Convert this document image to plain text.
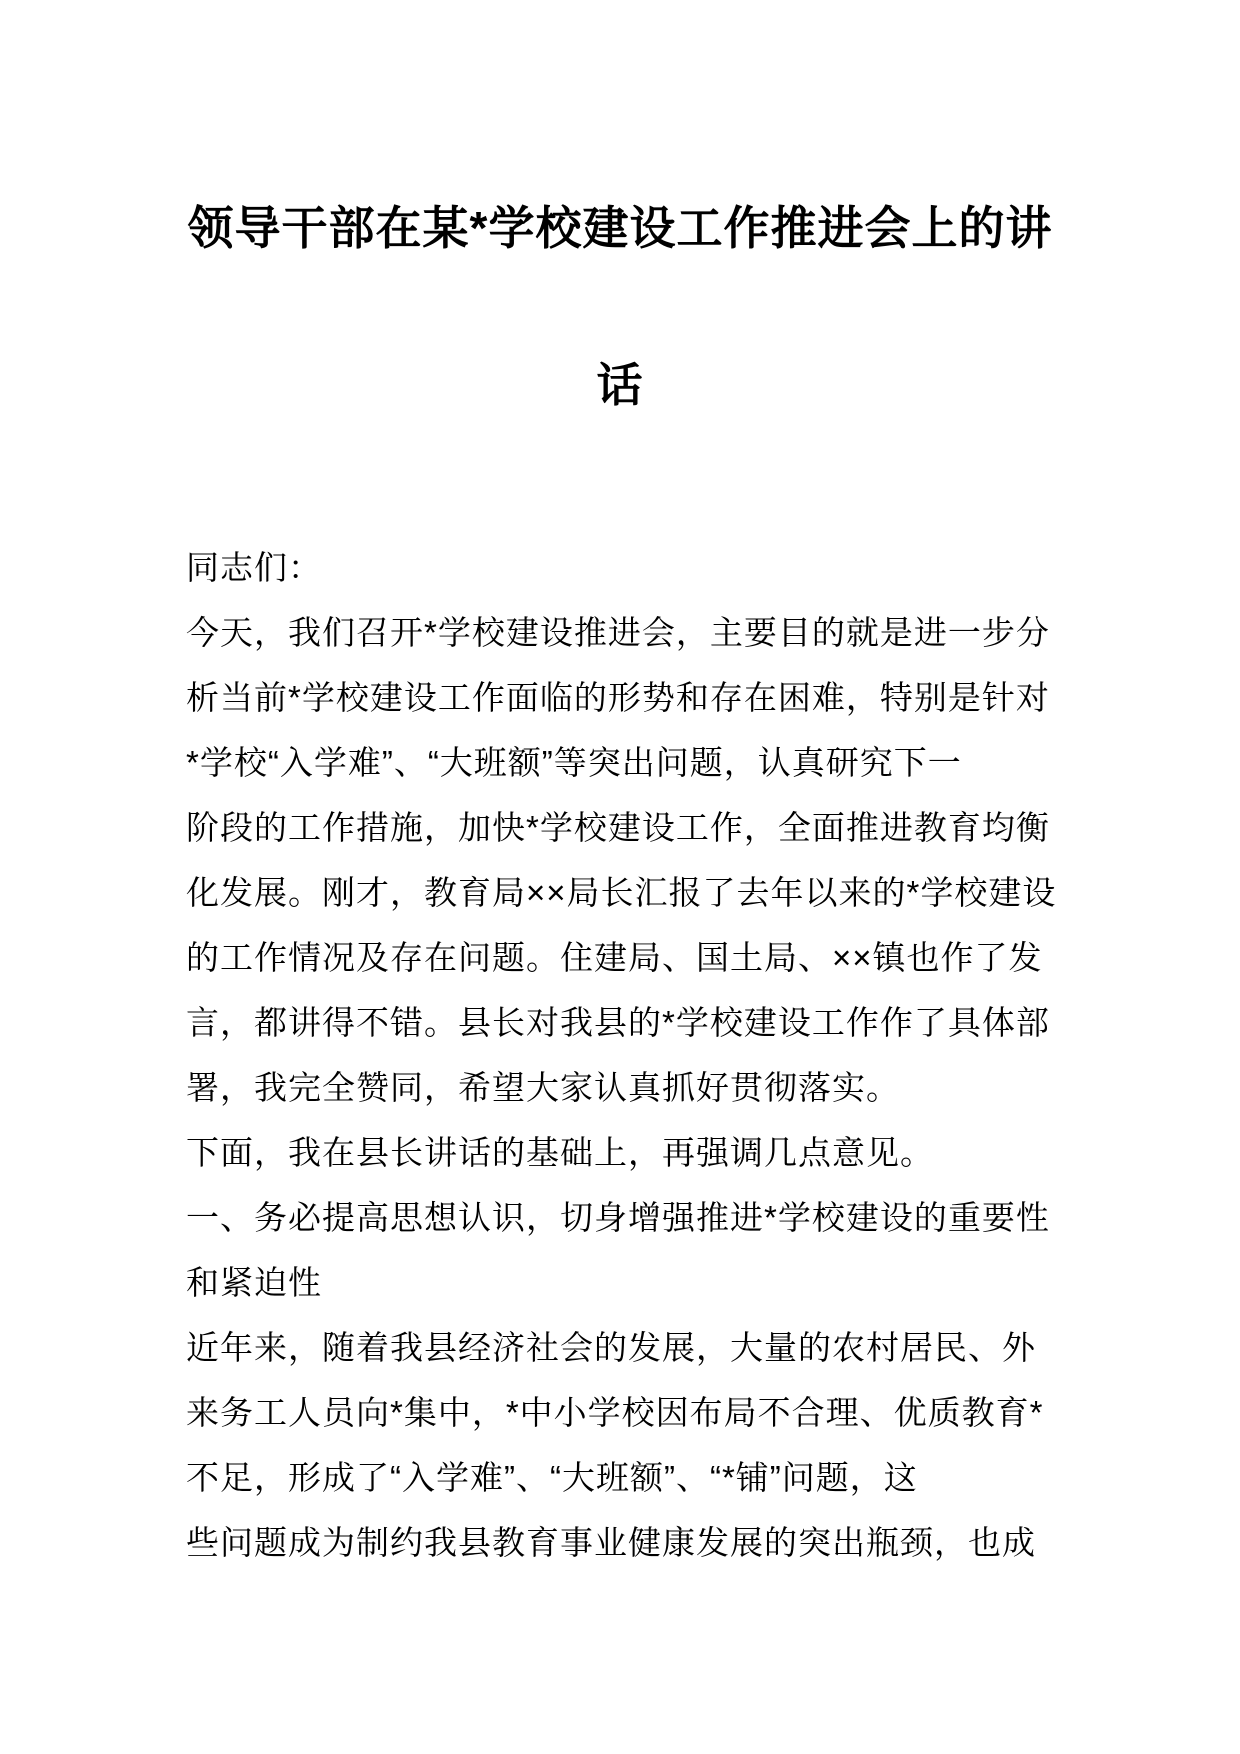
领导干部在某*学校建设工作推进会上的讲
话

同志们：

今天，我们召开*学校建设推进会，主要目的就是进一步分

析当前*学校建设工作面临的形势和存在困难，特别是针对

*学校“入学难”、“大班额”等突出问题，认真研究下一

阶段的工作措施，加快*学校建设工作，全面推进教育均衡

化发展。刚才，教育局××局长汇报了去年以来的*学校建设

的工作情况及存在问题。住建局、国土局、××镇也作了发

言，都讲得不错。县长对我县的*学校建设工作作了具体部

署，我完全赞同，希望大家认真抓好贯彻落实。

下面，我在县长讲话的基础上，再强调几点意见。

一、务必提高思想认识，切身增强推进*学校建设的重要性

和紧迫性

近年来，随着我县经济社会的发展，大量的农村居民、外

来务工人员向*集中，*中小学校因布局不合理、优质教育*

不足，形成了“入学难”、“大班额”、“*铺”问题，这

些问题成为制约我县教育事业健康发展的突出瓶颈，也成
